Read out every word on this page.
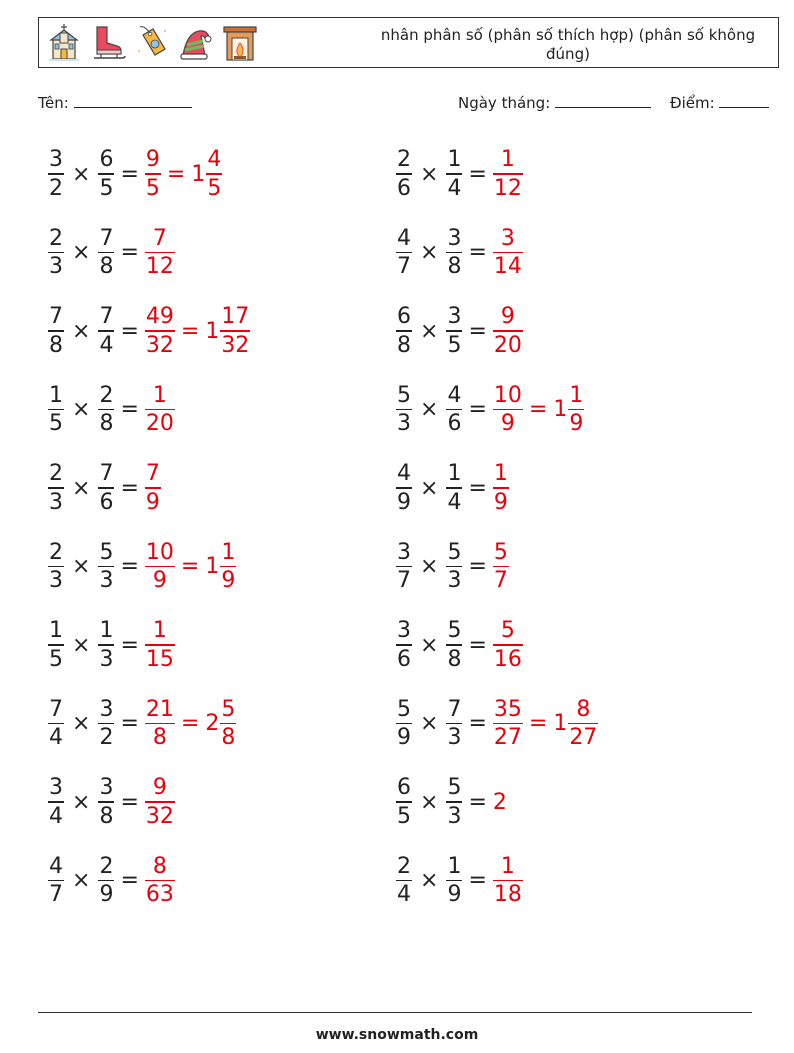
nhân phân số (phân số thích hợp) (phân số không đúng)
Tên:	Ngày tháng:	Điểm:
$\frac{3}{2} \times \frac{6}{5} = \frac{9}{5} = 1 \frac{4}{5}$	$\frac{2}{6} \times \frac{1}{4} = \frac{1}{12}$
$\frac{2}{3} \times \frac{7}{8} = \frac{7}{12}$	$\frac{4}{7} \times \frac{3}{8} = \frac{3}{14}$
$\frac{7}{8} \times \frac{7}{4} = \frac{49}{32} = 1 \frac{17}{32}$	$\frac{6}{8} \times \frac{3}{5} = \frac{9}{20}$
$\frac{1}{5} \times \frac{2}{8} = \frac{1}{20}$	$\frac{5}{3} \times \frac{4}{6} = \frac{10}{9} = 1 \frac{1}{9}$
$\frac{2}{3} \times \frac{7}{6} = \frac{7}{9}$	$\frac{4}{9} \times \frac{1}{4} = \frac{1}{9}$
$\frac{2}{3} \times \frac{5}{3} = \frac{10}{9} = 1 \frac{1}{9}$	$\frac{3}{7} \times \frac{5}{3} = \frac{5}{7}$
$\frac{1}{5} \times \frac{1}{3} = \frac{1}{15}$	$\frac{3}{6} \times \frac{5}{8} = \frac{5}{16}$
$\frac{7}{4} \times \frac{3}{2} = \frac{21}{8} = 2 \frac{5}{8}$	$\frac{5}{9} \times \frac{7}{3} = \frac{35}{27} = 1 \frac{8}{27}$
$\frac{3}{4} \times \frac{3}{8} = \frac{9}{32}$	$\frac{6}{5} \times \frac{5}{3} = 2$
$\frac{4}{7} \times \frac{2}{9} = \frac{8}{63}$	$\frac{2}{4} \times \frac{1}{9} = \frac{1}{18}$
www.snowmath.com
